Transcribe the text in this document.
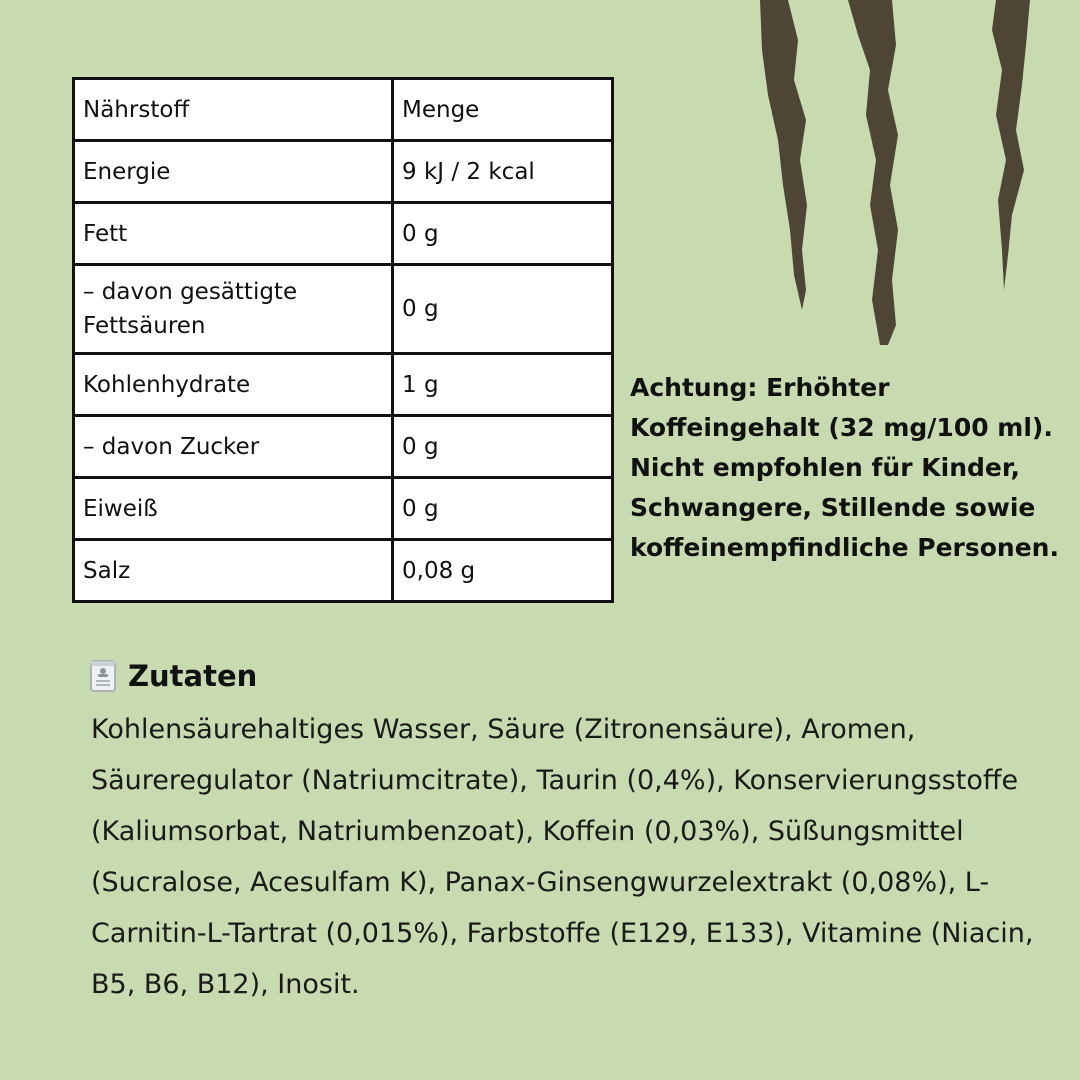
Nährstoff	Menge
Energie	9 kJ / 2 kcal
Fett	0 g
– davon gesättigte Fettsäuren	0 g
Kohlenhydrate	1 g
– davon Zucker	0 g
Eiweiß	0 g
Salz	0,08 g
Achtung: Erhöhter Koffeingehalt (32 mg/100 ml). Nicht empfohlen für Kinder, Schwangere, Stillende sowie koffeinempfindliche Personen.
Zutaten
Kohlensäurehaltiges Wasser, Säure (Zitronensäure), Aromen, Säureregulator (Natriumcitrate), Taurin (0,4%), Konservierungsstoffe (Kaliumsorbat, Natriumbenzoat), Koffein (0,03%), Süßungsmittel (Sucralose, Acesulfam K), Panax-Ginsengwurzelextrakt (0,08%), L-Carnitin-L-Tartrat (0,015%), Farbstoffe (E129, E133), Vitamine (Niacin, B5, B6, B12), Inosit.
